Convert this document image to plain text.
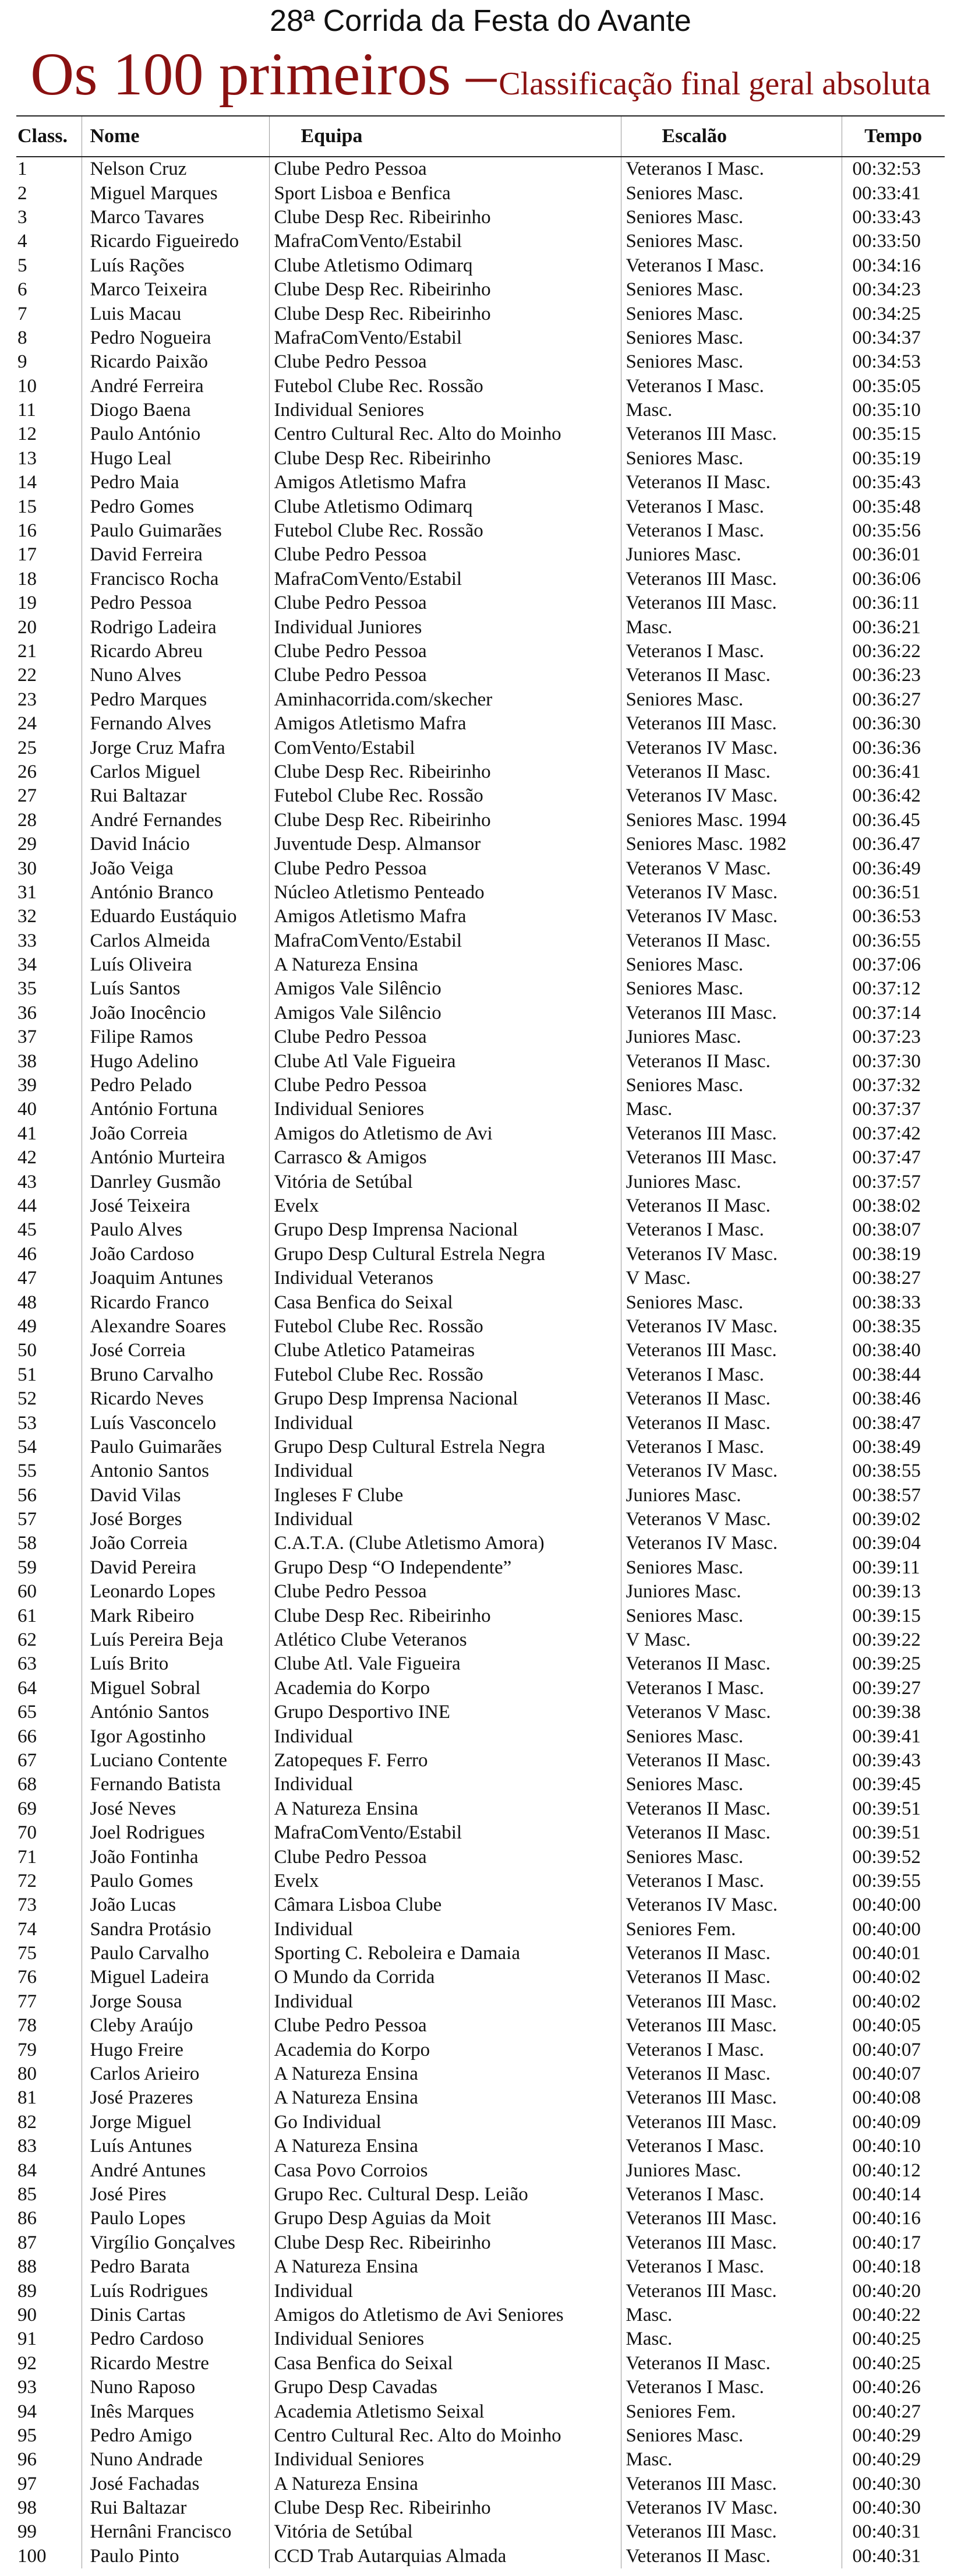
28ª Corrida da Festa do Avante
Os 100 primeiros – Classificação final geral absoluta
Class.	Nome	Equipa	Escalão	Tempo
1	Nelson Cruz	Clube Pedro Pessoa	Veteranos I Masc.	00:32:53
2	Miguel Marques	Sport Lisboa e Benfica	Seniores Masc.	00:33:41
3	Marco Tavares	Clube Desp Rec. Ribeirinho	Seniores Masc.	00:33:43
4	Ricardo Figueiredo	MafraComVento/Estabil	Seniores Masc.	00:33:50
5	Luís Rações	Clube Atletismo Odimarq	Veteranos I Masc.	00:34:16
6	Marco Teixeira	Clube Desp Rec. Ribeirinho	Seniores Masc.	00:34:23
7	Luis Macau	Clube Desp Rec. Ribeirinho	Seniores Masc.	00:34:25
8	Pedro Nogueira	MafraComVento/Estabil	Seniores Masc.	00:34:37
9	Ricardo Paixão	Clube Pedro Pessoa	Seniores Masc.	00:34:53
10	André Ferreira	Futebol Clube Rec. Rossão	Veteranos I Masc.	00:35:05
11	Diogo Baena	Individual Seniores	Masc.	00:35:10
12	Paulo António	Centro Cultural Rec. Alto do Moinho	Veteranos III Masc.	00:35:15
13	Hugo Leal	Clube Desp Rec. Ribeirinho	Seniores Masc.	00:35:19
14	Pedro Maia	Amigos Atletismo Mafra	Veteranos II Masc.	00:35:43
15	Pedro Gomes	Clube Atletismo Odimarq	Veteranos I Masc.	00:35:48
16	Paulo Guimarães	Futebol Clube Rec. Rossão	Veteranos I Masc.	00:35:56
17	David Ferreira	Clube Pedro Pessoa	Juniores Masc.	00:36:01
18	Francisco Rocha	MafraComVento/Estabil	Veteranos III Masc.	00:36:06
19	Pedro Pessoa	Clube Pedro Pessoa	Veteranos III Masc.	00:36:11
20	Rodrigo Ladeira	Individual Juniores	Masc.	00:36:21
21	Ricardo Abreu	Clube Pedro Pessoa	Veteranos I Masc.	00:36:22
22	Nuno Alves	Clube Pedro Pessoa	Veteranos II Masc.	00:36:23
23	Pedro Marques	Aminhacorrida.com/skecher	Seniores Masc.	00:36:27
24	Fernando Alves	Amigos Atletismo Mafra	Veteranos III Masc.	00:36:30
25	Jorge Cruz Mafra	ComVento/Estabil	Veteranos IV Masc.	00:36:36
26	Carlos Miguel	Clube Desp Rec. Ribeirinho	Veteranos II Masc.	00:36:41
27	Rui Baltazar	Futebol Clube Rec. Rossão	Veteranos IV Masc.	00:36:42
28	André Fernandes	Clube Desp Rec. Ribeirinho	Seniores Masc. 1994	00:36.45
29	David Inácio	Juventude Desp. Almansor	Seniores Masc. 1982	00:36.47
30	João Veiga	Clube Pedro Pessoa	Veteranos V Masc.	00:36:49
31	António Branco	Núcleo Atletismo Penteado	Veteranos IV Masc.	00:36:51
32	Eduardo Eustáquio	Amigos Atletismo Mafra	Veteranos IV Masc.	00:36:53
33	Carlos Almeida	MafraComVento/Estabil	Veteranos II Masc.	00:36:55
34	Luís Oliveira	A Natureza Ensina	Seniores Masc.	00:37:06
35	Luís Santos	Amigos Vale Silêncio	Seniores Masc.	00:37:12
36	João Inocêncio	Amigos Vale Silêncio	Veteranos III Masc.	00:37:14
37	Filipe Ramos	Clube Pedro Pessoa	Juniores Masc.	00:37:23
38	Hugo Adelino	Clube Atl Vale Figueira	Veteranos II Masc.	00:37:30
39	Pedro Pelado	Clube Pedro Pessoa	Seniores Masc.	00:37:32
40	António Fortuna	Individual Seniores	Masc.	00:37:37
41	João Correia	Amigos do Atletismo de Avi	Veteranos III Masc.	00:37:42
42	António Murteira	Carrasco & Amigos	Veteranos III Masc.	00:37:47
43	Danrley Gusmão	Vitória de Setúbal	Juniores Masc.	00:37:57
44	José Teixeira	Evelx	Veteranos II Masc.	00:38:02
45	Paulo Alves	Grupo Desp Imprensa Nacional	Veteranos I Masc.	00:38:07
46	João Cardoso	Grupo Desp Cultural Estrela Negra	Veteranos IV Masc.	00:38:19
47	Joaquim Antunes	Individual Veteranos	V Masc.	00:38:27
48	Ricardo Franco	Casa Benfica do Seixal	Seniores Masc.	00:38:33
49	Alexandre Soares	Futebol Clube Rec. Rossão	Veteranos IV Masc.	00:38:35
50	José Correia	Clube Atletico Patameiras	Veteranos III Masc.	00:38:40
51	Bruno Carvalho	Futebol Clube Rec. Rossão	Veteranos I Masc.	00:38:44
52	Ricardo Neves	Grupo Desp Imprensa Nacional	Veteranos II Masc.	00:38:46
53	Luís Vasconcelo	Individual	Veteranos II Masc.	00:38:47
54	Paulo Guimarães	Grupo Desp Cultural Estrela Negra	Veteranos I Masc.	00:38:49
55	Antonio Santos	Individual	Veteranos IV Masc.	00:38:55
56	David Vilas	Ingleses F Clube	Juniores Masc.	00:38:57
57	José Borges	Individual	Veteranos V Masc.	00:39:02
58	João Correia	C.A.T.A. (Clube Atletismo Amora)	Veteranos IV Masc.	00:39:04
59	David Pereira	Grupo Desp “O Independente”	Seniores Masc.	00:39:11
60	Leonardo Lopes	Clube Pedro Pessoa	Juniores Masc.	00:39:13
61	Mark Ribeiro	Clube Desp Rec. Ribeirinho	Seniores Masc.	00:39:15
62	Luís Pereira Beja	Atlético Clube Veteranos	V Masc.	00:39:22
63	Luís Brito	Clube Atl. Vale Figueira	Veteranos II Masc.	00:39:25
64	Miguel Sobral	Academia do Korpo	Veteranos I Masc.	00:39:27
65	António Santos	Grupo Desportivo INE	Veteranos V Masc.	00:39:38
66	Igor Agostinho	Individual	Seniores Masc.	00:39:41
67	Luciano Contente	Zatopeques F. Ferro	Veteranos II Masc.	00:39:43
68	Fernando Batista	Individual	Seniores Masc.	00:39:45
69	José Neves	A Natureza Ensina	Veteranos II Masc.	00:39:51
70	Joel Rodrigues	MafraComVento/Estabil	Veteranos II Masc.	00:39:51
71	João Fontinha	Clube Pedro Pessoa	Seniores Masc.	00:39:52
72	Paulo Gomes	Evelx	Veteranos I Masc.	00:39:55
73	João Lucas	Câmara Lisboa Clube	Veteranos IV Masc.	00:40:00
74	Sandra Protásio	Individual	Seniores Fem.	00:40:00
75	Paulo Carvalho	Sporting C. Reboleira e Damaia	Veteranos II Masc.	00:40:01
76	Miguel Ladeira	O Mundo da Corrida	Veteranos II Masc.	00:40:02
77	Jorge Sousa	Individual	Veteranos III Masc.	00:40:02
78	Cleby Araújo	Clube Pedro Pessoa	Veteranos III Masc.	00:40:05
79	Hugo Freire	Academia do Korpo	Veteranos I Masc.	00:40:07
80	Carlos Arieiro	A Natureza Ensina	Veteranos II Masc.	00:40:07
81	José Prazeres	A Natureza Ensina	Veteranos III Masc.	00:40:08
82	Jorge Miguel	Go Individual	Veteranos III Masc.	00:40:09
83	Luís Antunes	A Natureza Ensina	Veteranos I Masc.	00:40:10
84	André Antunes	Casa Povo Corroios	Juniores Masc.	00:40:12
85	José Pires	Grupo Rec. Cultural Desp. Leião	Veteranos I Masc.	00:40:14
86	Paulo Lopes	Grupo Desp Aguias da Moit	Veteranos III Masc.	00:40:16
87	Virgílio Gonçalves	Clube Desp Rec. Ribeirinho	Veteranos III Masc.	00:40:17
88	Pedro Barata	A Natureza Ensina	Veteranos I Masc.	00:40:18
89	Luís Rodrigues	Individual	Veteranos III Masc.	00:40:20
90	Dinis Cartas	Amigos do Atletismo de Avi Seniores	Masc.	00:40:22
91	Pedro Cardoso	Individual Seniores	Masc.	00:40:25
92	Ricardo Mestre	Casa Benfica do Seixal	Veteranos II Masc.	00:40:25
93	Nuno Raposo	Grupo Desp Cavadas	Veteranos I Masc.	00:40:26
94	Inês Marques	Academia Atletismo Seixal	Seniores Fem.	00:40:27
95	Pedro Amigo	Centro Cultural Rec. Alto do Moinho	Seniores Masc.	00:40:29
96	Nuno Andrade	Individual Seniores	Masc.	00:40:29
97	José Fachadas	A Natureza Ensina	Veteranos III Masc.	00:40:30
98	Rui Baltazar	Clube Desp Rec. Ribeirinho	Veteranos IV Masc.	00:40:30
99	Hernâni Francisco	Vitória de Setúbal	Veteranos III Masc.	00:40:31
100	Paulo Pinto	CCD Trab Autarquias Almada	Veteranos II Masc.	00:40:31
